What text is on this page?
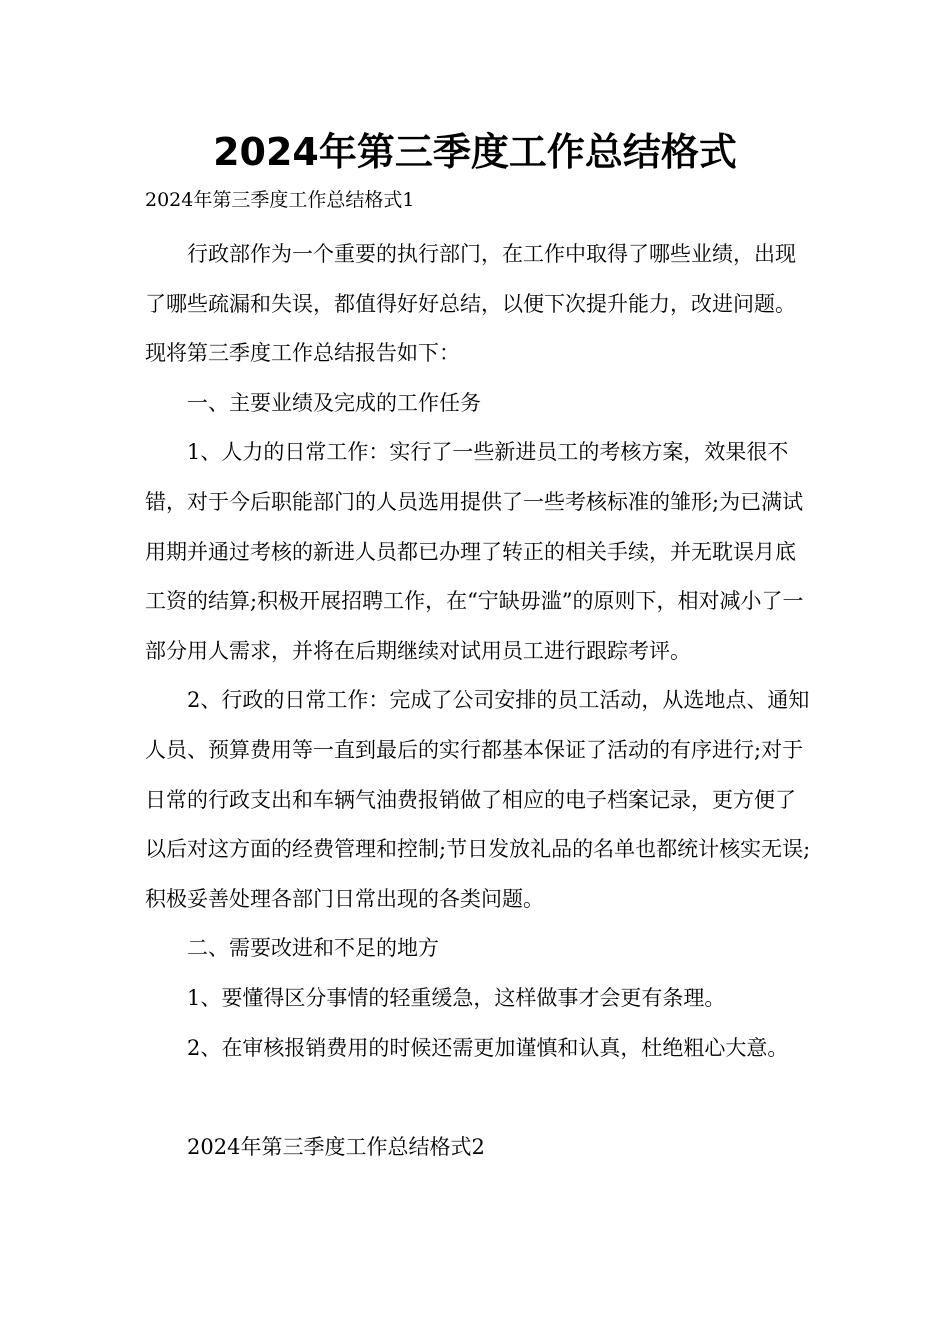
2024年第三季度工作总结格式
2024年第三季度工作总结格式1

行政部作为一个重要的执行部门，在工作中取得了哪些业绩，出现了哪些疏漏和失误，都值得好好总结，以便下次提升能力，改进问题。现将第三季度工作总结报告如下：

一、主要业绩及完成的工作任务

1、人力的日常工作：实行了一些新进员工的考核方案，效果很不错，对于今后职能部门的人员选用提供了一些考核标准的雏形;为已满试用期并通过考核的新进人员都已办理了转正的相关手续，并无耽误月底工资的结算;积极开展招聘工作，在“宁缺毋滥”的原则下，相对减小了一部分用人需求，并将在后期继续对试用员工进行跟踪考评。

2、行政的日常工作：完成了公司安排的员工活动，从选地点、通知人员、预算费用等一直到最后的实行都基本保证了活动的有序进行;对于日常的行政支出和车辆气油费报销做了相应的电子档案记录，更方便了以后对这方面的经费管理和控制;节日发放礼品的名单也都统计核实无误;积极妥善处理各部门日常出现的各类问题。

二、需要改进和不足的地方

1、要懂得区分事情的轻重缓急，这样做事才会更有条理。

2、在审核报销费用的时候还需更加谨慎和认真，杜绝粗心大意。

2024年第三季度工作总结格式2
